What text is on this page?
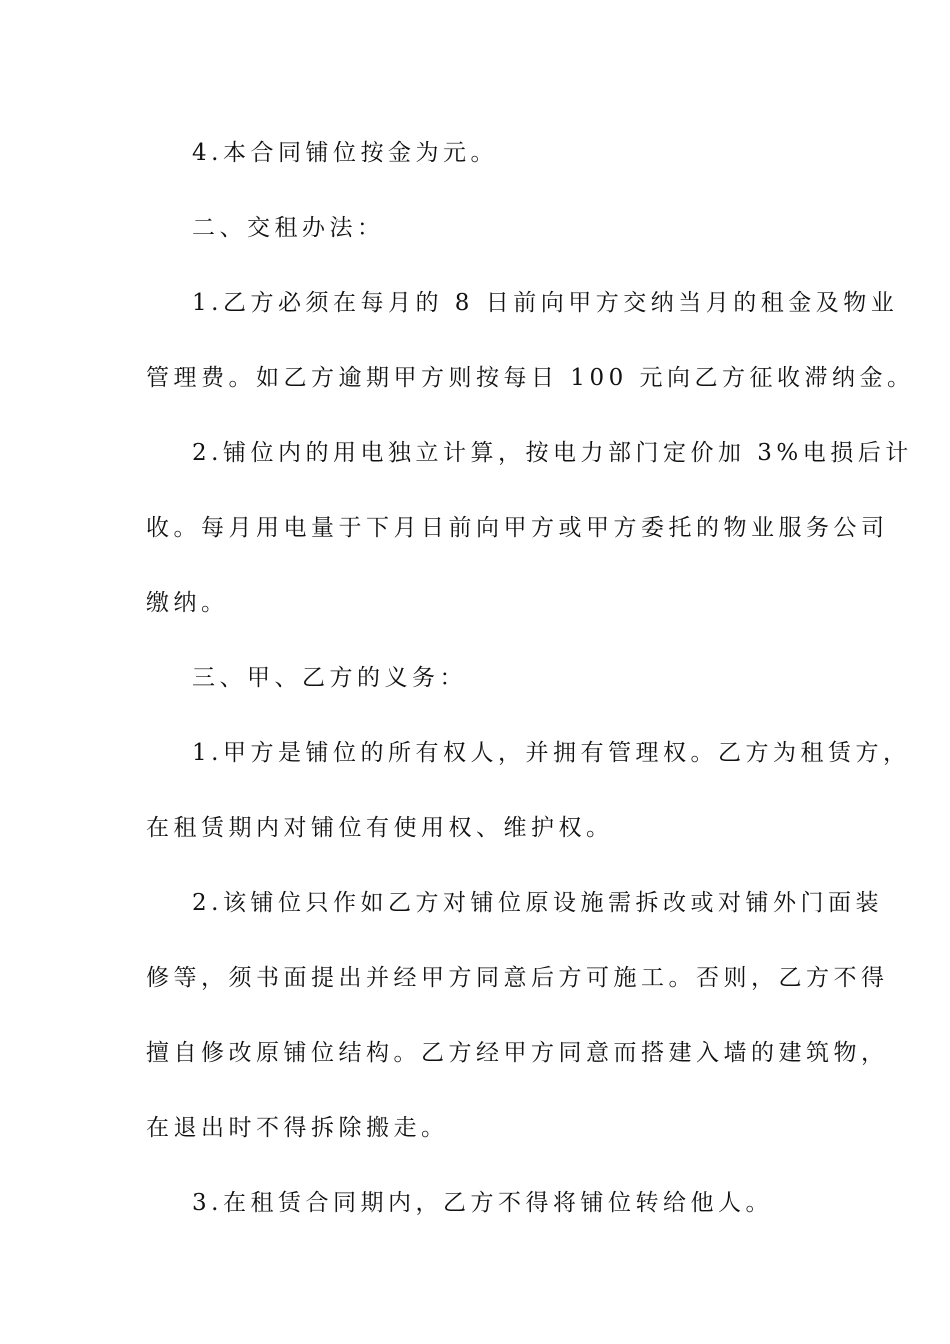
4.本合同铺位按金为元。
二、交租办法：
1.乙方必须在每月的 8 日前向甲方交纳当月的租金及物业
管理费。如乙方逾期甲方则按每日 100 元向乙方征收滞纳金。
2.铺位内的用电独立计算，按电力部门定价加 3%电损后计
收。每月用电量于下月日前向甲方或甲方委托的物业服务公司
缴纳。
三、甲、乙方的义务：
1.甲方是铺位的所有权人，并拥有管理权。乙方为租赁方，
在租赁期内对铺位有使用权、维护权。
2.该铺位只作如乙方对铺位原设施需拆改或对铺外门面装
修等，须书面提出并经甲方同意后方可施工。否则，乙方不得
擅自修改原铺位结构。乙方经甲方同意而搭建入墙的建筑物，
在退出时不得拆除搬走。
3.在租赁合同期内，乙方不得将铺位转给他人。
